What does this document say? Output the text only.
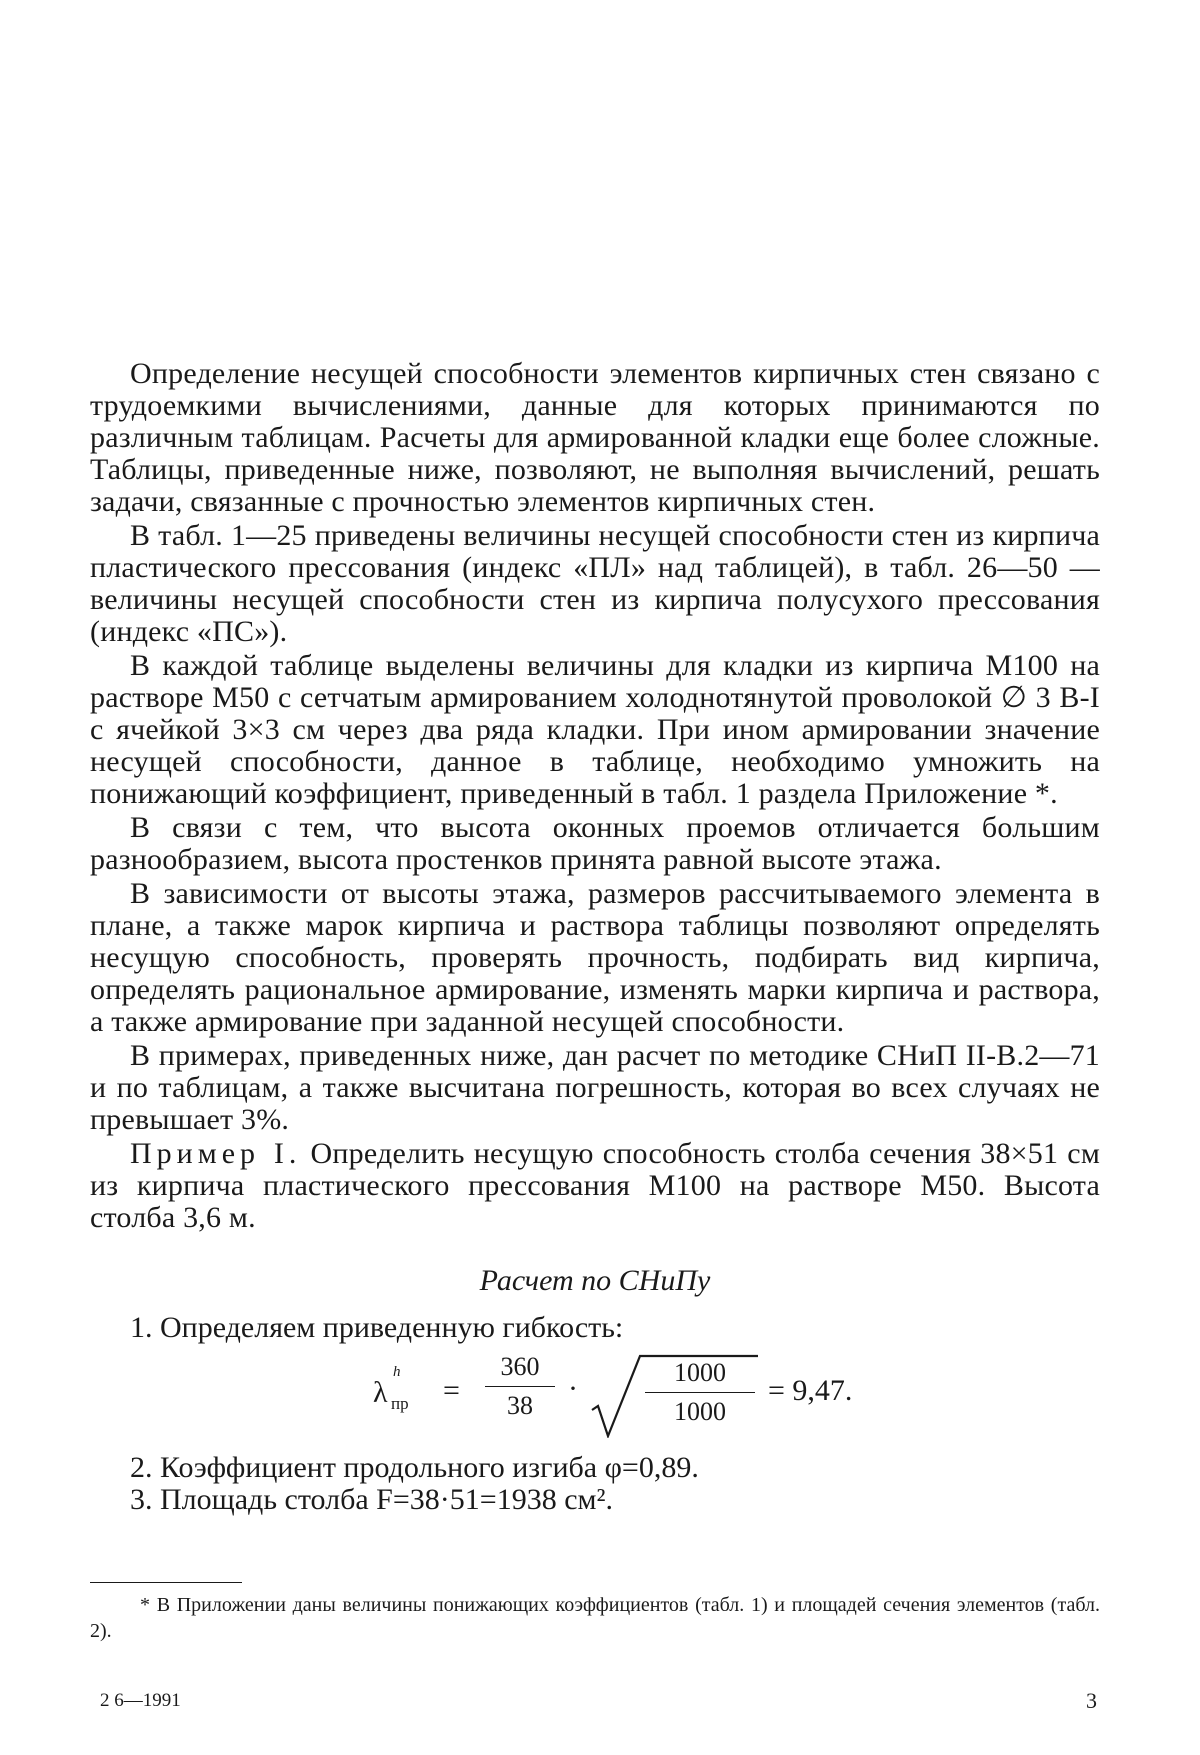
Определение несущей способности элементов кирпичных стен связано с трудоемкими вычислениями, данные для которых принимаются по различным таблицам. Расчеты для армированной кладки еще более сложные. Таблицы, приведенные ниже, позволяют, не выполняя вычислений, решать задачи, связанные с прочностью элементов кирпичных стен.

В табл. 1—25 приведены величины несущей способности стен из кирпича пластического прессования (индекс «ПЛ» над таблицей), в табл. 26—50 — величины несущей способности стен из кирпича полусухого прессования (индекс «ПС»).

В каждой таблице выделены величины для кладки из кирпича М100 на растворе М50 с сетчатым армированием холоднотянутой проволокой ∅ 3 В-I с ячейкой 3×3 см через два ряда кладки. При ином армировании значение несущей способности, данное в таблице, необходимо умножить на понижающий коэффициент, приведенный в табл. 1 раздела Приложение *.

В связи с тем, что высота оконных проемов отличается большим разнообразием, высота простенков принята равной высоте этажа.

В зависимости от высоты этажа, размеров рассчитываемого элемента в плане, а также марок кирпича и раствора таблицы позволяют определять несущую способность, проверять прочность, подбирать вид кирпича, определять рациональное армирование, изменять марки кирпича и раствора, а также армирование при заданной несущей способности.

В примерах, приведенных ниже, дан расчет по методике СНиП II-В.2—71 и по таблицам, а также высчитана погрешность, которая во всех случаях не превышает 3%.

Пример I. Определить несущую способность столба сечения 38×51 см из кирпича пластического прессования М100 на растворе М50. Высота столба 3,6 м.

Расчет по СНиПу

1. Определяем приведенную гибкость:

λ
h
пр = $\frac{360}{38}$ ·	$\frac{1000}{1000} = 9,47$.

2. Коэффициент продольного изгиба φ=0,89.

3. Площадь столба F=38·51=1938 см².

* В Приложении даны величины понижающих коэффициентов (табл. 1) и площадей сечения элементов (табл. 2).

2 6—1991	3
